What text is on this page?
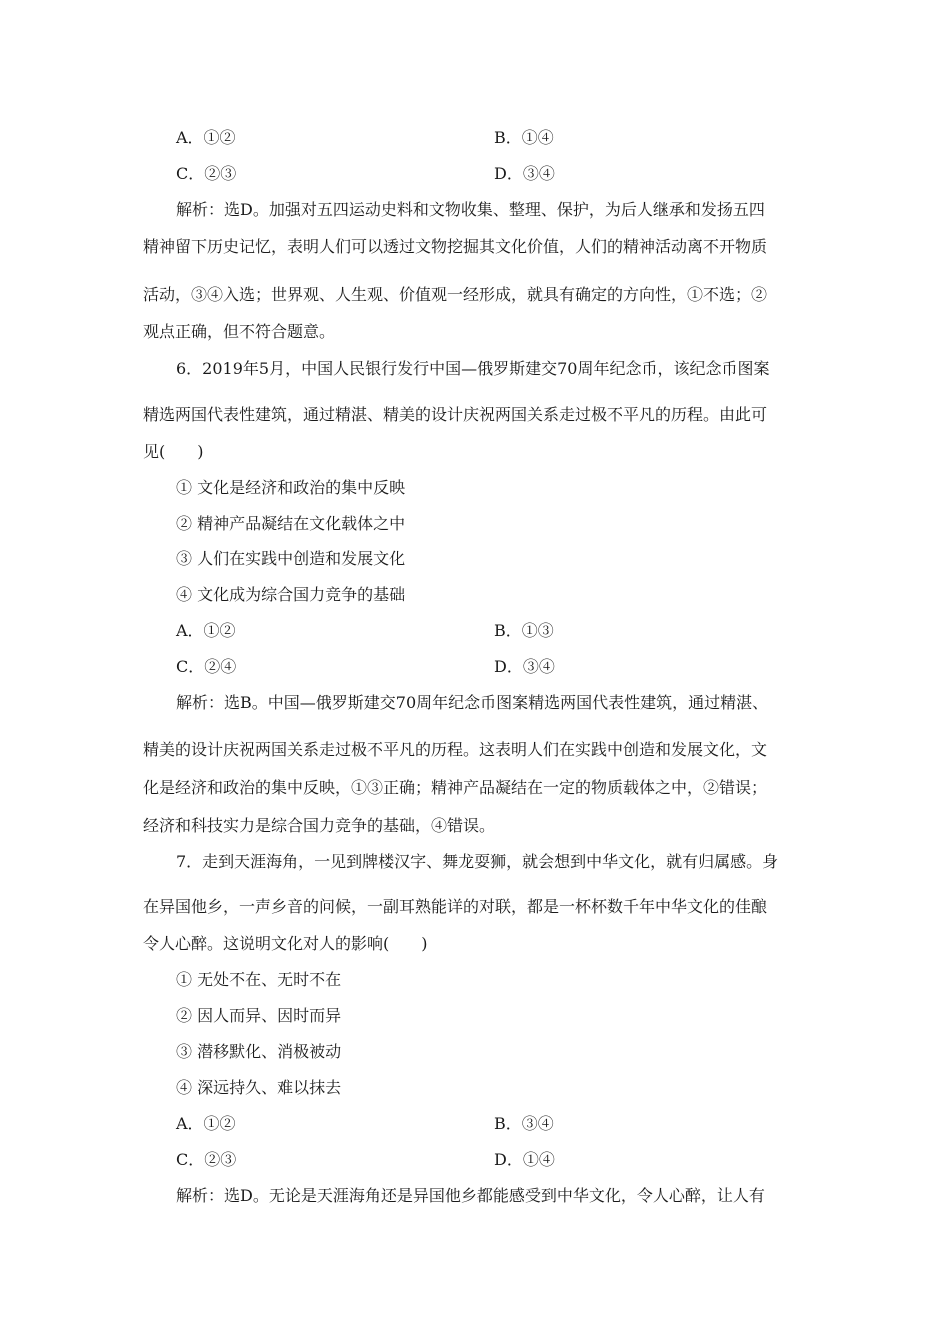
A．①②	B．①④
C．②③	D．③④
解析：选D。加强对五四运动史料和文物收集、整理、保护，为后人继承和发扬五四
精神留下历史记忆，表明人们可以透过文物挖掘其文化价值，人们的精神活动离不开物质
活动，③④入选；世界观、人生观、价值观一经形成，就具有确定的方向性，①不选；②
观点正确，但不符合题意。
6．2019年5月，中国人民银行发行中国—俄罗斯建交70周年纪念币，该纪念币图案
精选两国代表性建筑，通过精湛、精美的设计庆祝两国关系走过极不平凡的历程。由此可
见(　　)
① 文化是经济和政治的集中反映
② 精神产品凝结在文化载体之中
③ 人们在实践中创造和发展文化
④ 文化成为综合国力竞争的基础
A．①②	B．①③
C．②④	D．③④
解析：选B。中国—俄罗斯建交70周年纪念币图案精选两国代表性建筑，通过精湛、
精美的设计庆祝两国关系走过极不平凡的历程。这表明人们在实践中创造和发展文化，文
化是经济和政治的集中反映，①③正确；精神产品凝结在一定的物质载体之中，②错误；
经济和科技实力是综合国力竞争的基础，④错误。
7．走到天涯海角，一见到牌楼汉字、舞龙耍狮，就会想到中华文化，就有归属感。身
在异国他乡，一声乡音的问候，一副耳熟能详的对联，都是一杯杯数千年中华文化的佳酿
令人心醉。这说明文化对人的影响(　　)
① 无处不在、无时不在
② 因人而异、因时而异
③ 潜移默化、消极被动
④ 深远持久、难以抹去
A．①②	B．③④
C．②③	D．①④
解析：选D。无论是天涯海角还是异国他乡都能感受到中华文化，令人心醉，让人有
